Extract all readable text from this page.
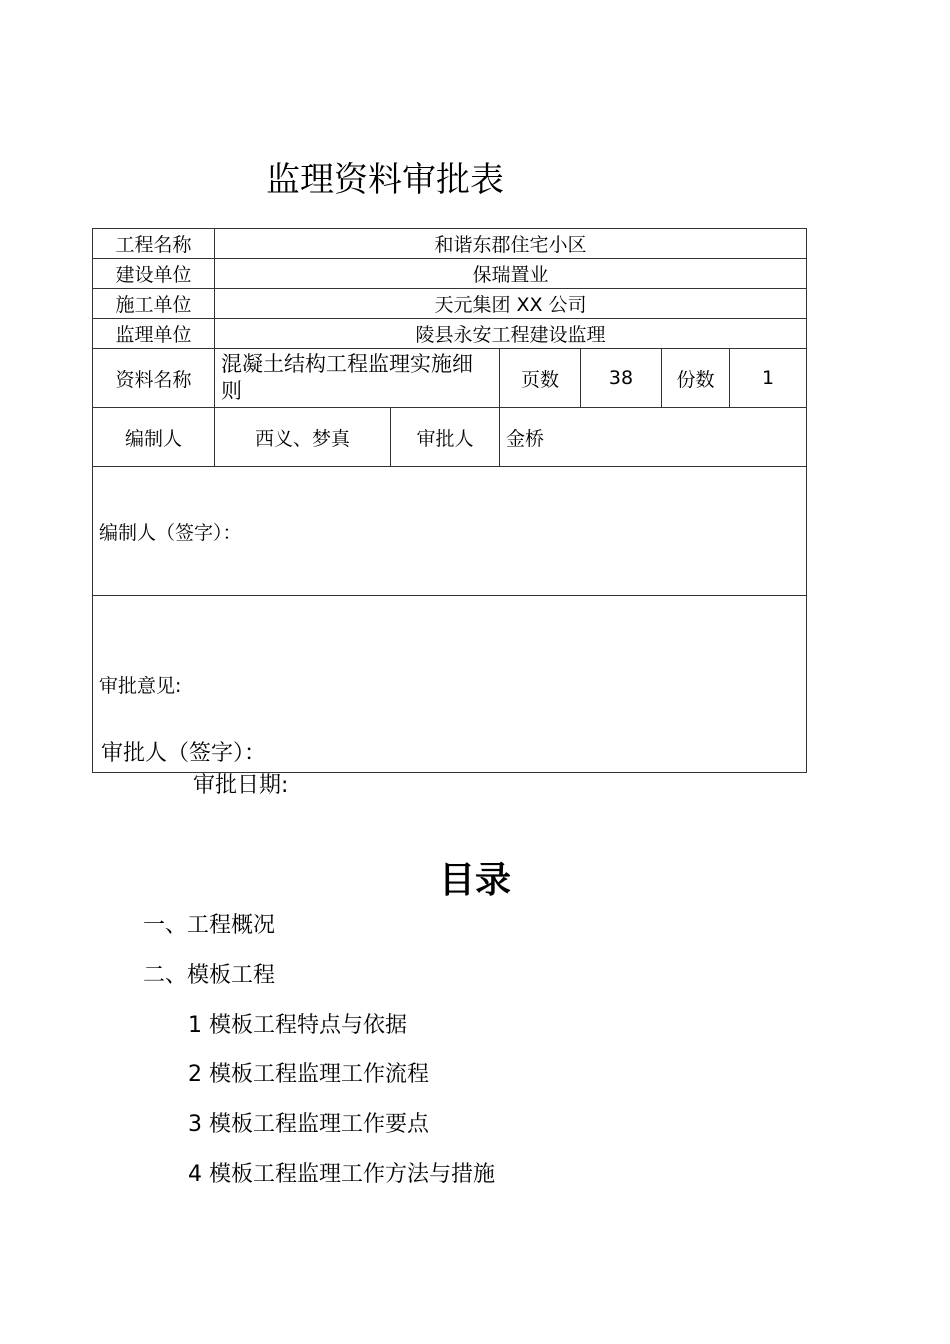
监理资料审批表
工程名称	和谐东郡住宅小区					
建设单位	保瑞置业					
施工单位	天元集团 XX 公司					
监理单位	陵县永安工程建设监理					
资料名称	混凝土结构工程监理实施细则		页数	38	份数	1
编制人	西义、梦真	审批人	金桥			
编制人（签字）：						
审批意见:
审批人（签字）：
审批日期:						
目录
一、工程概况
二、模板工程
1 模板工程特点与依据
2 模板工程监理工作流程
3 模板工程监理工作要点
4 模板工程监理工作方法与措施
